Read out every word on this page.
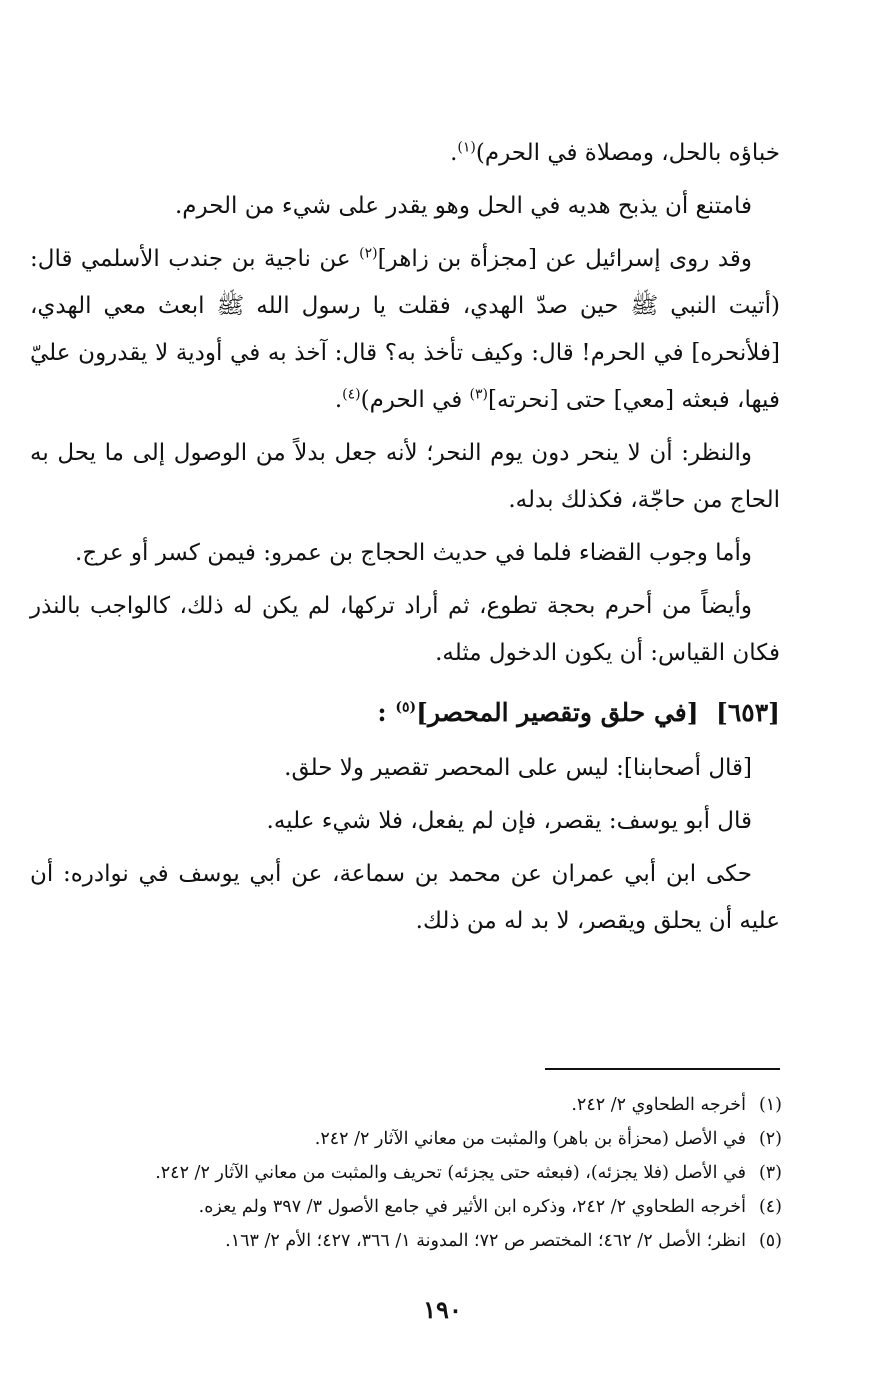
خباؤه بالحل، ومصلاة في الحرم)$^{(١)}$.

فامتنع أن يذبح هديه في الحل وهو يقدر على شيء من الحرم.

وقد روى إسرائيل عن [مجزأة بن زاهر]$^{(٢)}$ عن ناجية بن جندب الأسلمي قال: (أتيت النبي ﷺ حين صدّ الهدي، فقلت يا رسول الله ﷺ ابعث معي الهدي، [فلأنحره] في الحرم! قال: وكيف تأخذ به؟ قال: آخذ به في أودية لا يقدرون عليّ فيها، فبعثه [معي] حتى [نحرته]$^{(٣)}$ في الحرم)$^{(٤)}$.

والنظر: أن لا ينحر دون يوم النحر؛ لأنه جعل بدلاً من الوصول إلى ما يحل به الحاج من حاجّة، فكذلك بدله.

وأما وجوب القضاء فلما في حديث الحجاج بن عمرو: فيمن كسر أو عرج.

وأيضاً من أحرم بحجة تطوع، ثم أراد تركها، لم يكن له ذلك، كالواجب بالنذر فكان القياس: أن يكون الدخول مثله.

[٦٥٣]  [في حلق وتقصير المحصر]$^{(٥)}$ :

[قال أصحابنا]: ليس على المحصر تقصير ولا حلق.

قال أبو يوسف: يقصر، فإن لم يفعل، فلا شيء عليه.

حكى ابن أبي عمران عن محمد بن سماعة، عن أبي يوسف في نوادره: أن عليه أن يحلق ويقصر، لا بد له من ذلك.

(١)أخرجه الطحاوي ٢/ ٢٤٢.
(٢)في الأصل (محزأة بن باهر) والمثبت من معاني الآثار ٢/ ٢٤٢.
(٣)في الأصل (فلا يجزئه)، (فبعثه حتى يجزئه) تحريف والمثبت من معاني الآثار ٢/ ٢٤٢.
(٤)أخرجه الطحاوي ٢/ ٢٤٢، وذكره ابن الأثير في جامع الأصول ٣/ ٣٩٧ ولم يعزه.
(٥)انظر؛ الأصل ٢/ ٤٦٢؛ المختصر ص ٧٢؛ المدونة ١/ ٣٦٦، ٤٢٧؛ الأم ٢/ ١٦٣.
١٩٠
